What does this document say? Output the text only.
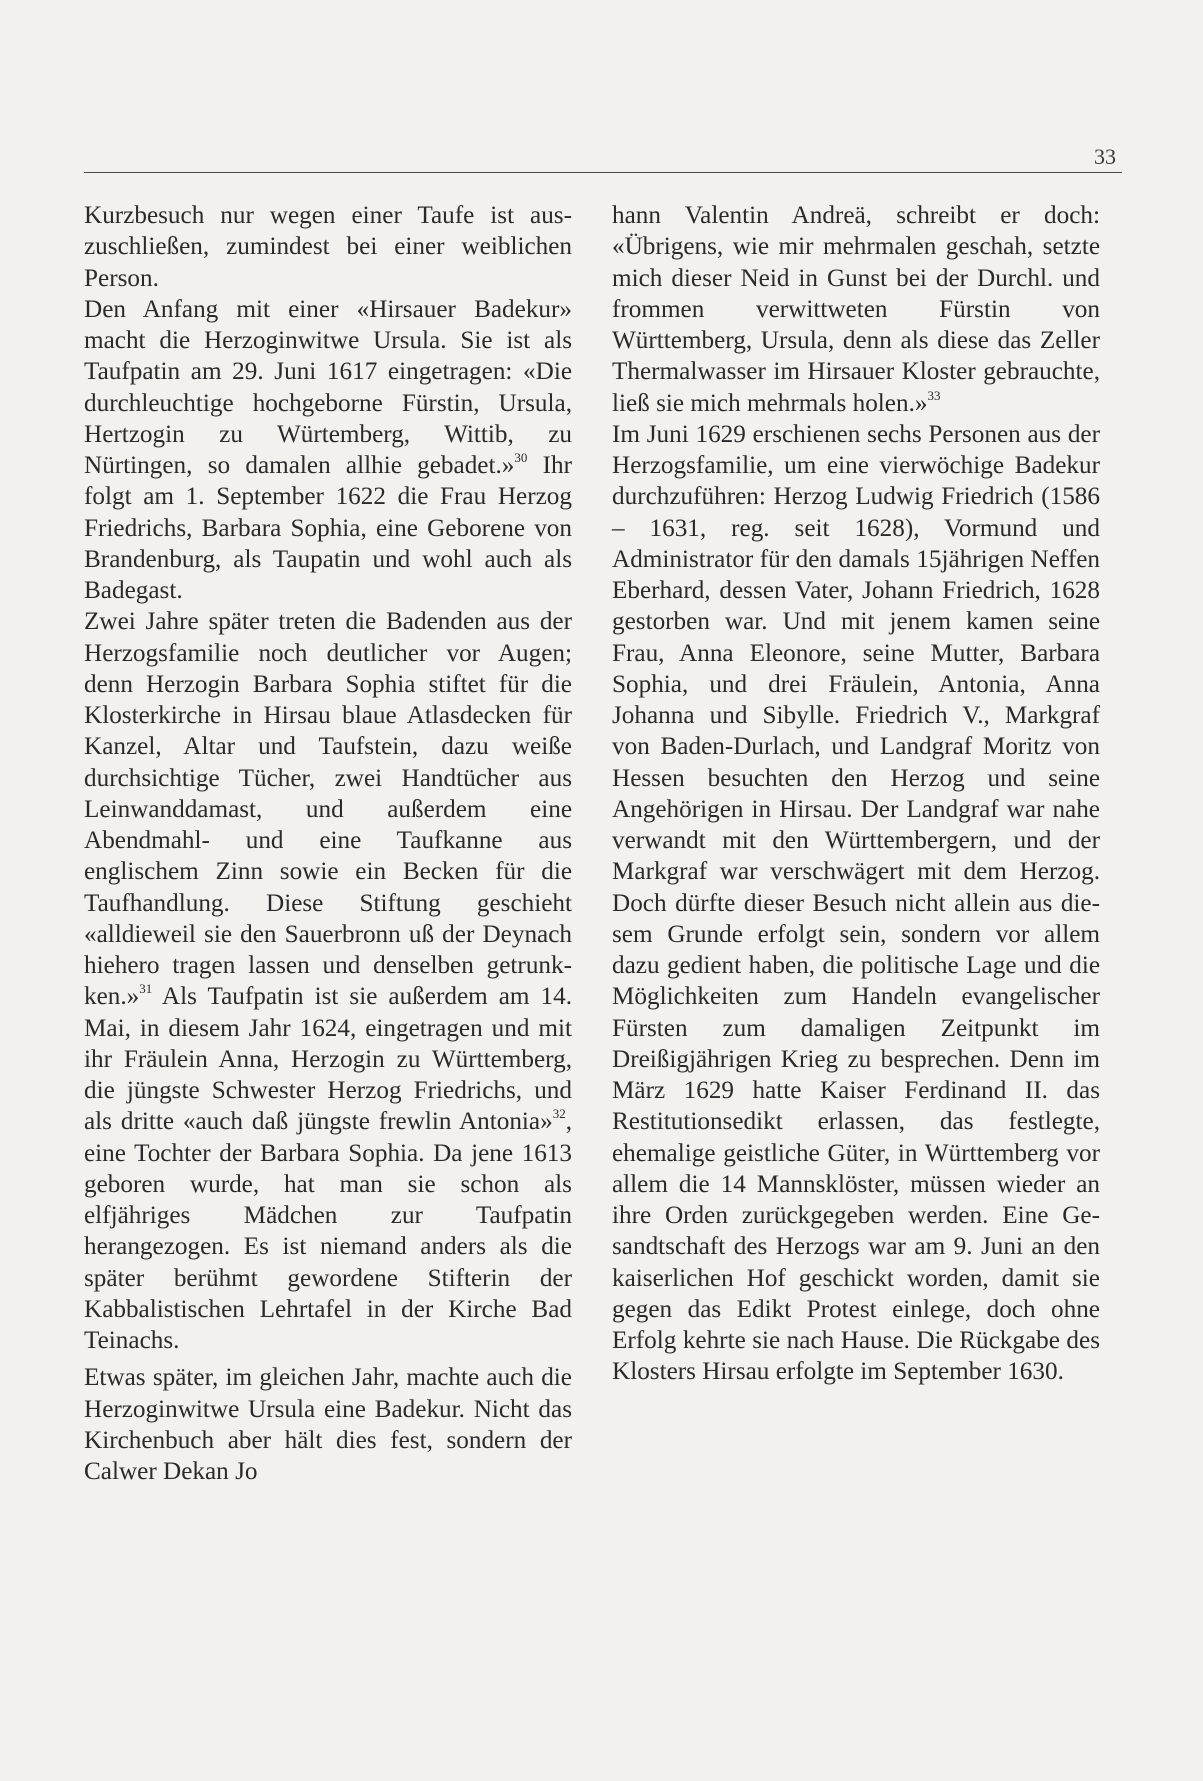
33

Kurzbesuch nur wegen einer Taufe ist auszuschließen, zumindest bei einer weiblichen Person.

Den Anfang mit einer «Hirsauer Badekur» macht die Herzoginwitwe Ursula. Sie ist als Taufpatin am 29. Juni 1617 eingetragen: «Die durchleuchtige hochgeborne Fürstin, Ursula, Hertzogin zu Würtemberg, Wittib, zu Nürtingen, so damalen allhie gebadet.»$^{30}$ Ihr folgt am 1. September 1622 die Frau Herzog Friedrichs, Barbara Sophia, eine Geborene von Brandenburg, als Taupatin und wohl auch als Badegast.

Zwei Jahre später treten die Badenden aus der Herzogsfamilie noch deutlicher vor Augen; denn Herzogin Barbara Sophia stiftet für die Klosterkirche in Hirsau blaue Atlasdecken für Kanzel, Altar und Taufstein, dazu weiße durchsichtige Tücher, zwei Handtücher aus Leinwanddamast, und außerdem eine Abendmahl- und eine Taufkanne aus englischem Zinn sowie ein Becken für die Taufhandlung. Diese Stiftung geschieht «alldieweil sie den Sauerbronn uß der Deynach hiehero tragen lassen und denselben getrunkken.»$^{31}$ Als Taufpatin ist sie außerdem am 14. Mai, in diesem Jahr 1624, eingetragen und mit ihr Fräulein Anna, Herzogin zu Württemberg, die jüngste Schwester Herzog Friedrichs, und als dritte «auch daß jüngste frewlin Antonia»$^{32}$, eine Tochter der Barbara Sophia. Da jene 1613 geboren wurde, hat man sie schon als elfjähriges Mädchen zur Taufpatin herangezogen. Es ist niemand anders als die später berühmt gewordene Stifterin der Kabbalistischen Lehrtafel in der Kirche Bad Teinachs.

Etwas später, im gleichen Jahr, machte auch die Herzoginwitwe Ursula eine Badekur. Nicht das Kirchenbuch aber hält dies fest, sondern der Calwer Dekan Jo

hann Valentin Andreä, schreibt er doch: «Übrigens, wie mir mehrmalen geschah, setzte mich dieser Neid in Gunst bei der Durchl. und frommen verwittweten Fürstin von Württemberg, Ursula, denn als diese das Zeller Thermalwasser im Hirsauer Kloster gebrauchte, ließ sie mich mehrmals holen.»$^{33}$

Im Juni 1629 erschienen sechs Personen aus der Herzogsfamilie, um eine vierwöchige Badekur durchzuführen: Herzog Ludwig Friedrich (1586 – 1631, reg. seit 1628), Vormund und Administrator für den damals 15jährigen Neffen Eberhard, dessen Vater, Johann Friedrich, 1628 gestorben war. Und mit jenem kamen seine Frau, Anna Eleonore, seine Mutter, Barbara Sophia, und drei Fräulein, Antonia, Anna Johanna und Sibylle. Friedrich V., Markgraf von Baden-Durlach, und Landgraf Moritz von Hessen besuchten den Herzog und seine Angehörigen in Hirsau. Der Landgraf war nahe verwandt mit den Württembergern, und der Markgraf war verschwägert mit dem Herzog. Doch dürfte dieser Besuch nicht allein aus diesem Grunde erfolgt sein, sondern vor allem dazu gedient haben, die politische Lage und die Möglichkeiten zum Handeln evangelischer Fürsten zum damaligen Zeitpunkt im Dreißigjährigen Krieg zu besprechen. Denn im März 1629 hatte Kaiser Ferdinand II. das Restitutionsedikt erlassen, das festlegte, ehemalige geistliche Güter, in Württemberg vor allem die 14 Mannsklöster, müssen wieder an ihre Orden zurückgegeben werden. Eine Gesandtschaft des Herzogs war am 9. Juni an den kaiserlichen Hof geschickt worden, damit sie gegen das Edikt Protest einlege, doch ohne Erfolg kehrte sie nach Hause. Die Rückgabe des Klosters Hirsau erfolgte im September 1630.
